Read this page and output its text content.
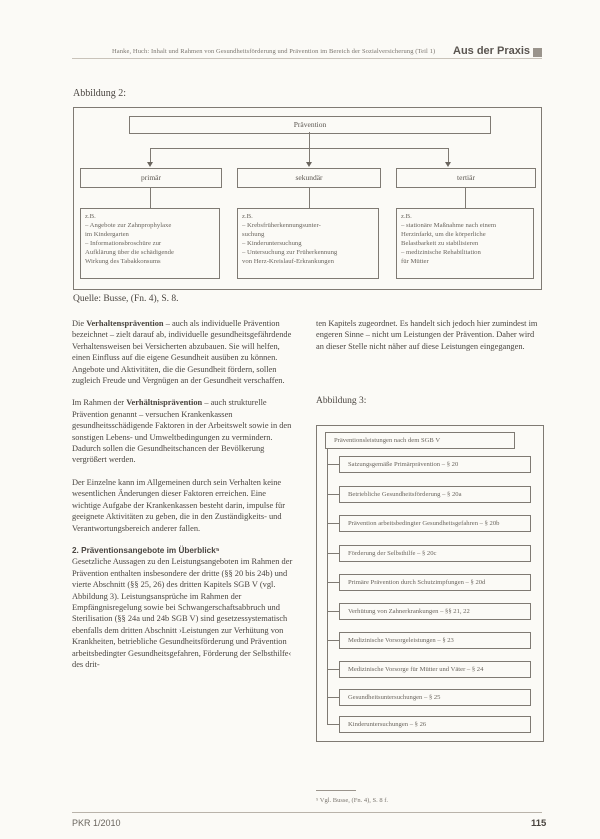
Hanke, Huch: Inhalt und Rahmen von Gesundheitsförderung und Prävention im Bereich der Sozialversicherung (Teil 1) Aus der Praxis
Abbildung 2:
Prävention
primär	sekundär	tertiär
z.B.
– Angebote zur Zahnprophylaxe
im Kindergarten
– Informationsbroschüre zur
Aufklärung über die schädigende
Wirkung des Tabakkonsums
z.B.
– Krebsfrüherkennungsunter-
suchung
– Kinderuntersuchung
– Untersuchung zur Früherkennung
von Herz-Kreislauf-Erkrankungen
z.B.
– stationäre Maßnahme nach einem
Herzinfarkt, um die körperliche
Belastbarkeit zu stabilisieren
– medizinische Rehabilitation
für Mütter
Quelle: Busse, (Fn. 4), S. 8.

Die Verhaltensprävention – auch als individuelle Prävention bezeichnet – zielt darauf ab, individuelle gesundheitsgefährdende Verhaltensweisen bei Versicherten abzubauen. Sie will helfen, einen Einfluss auf die eigene Gesundheit ausüben zu können. Angebote und Aktivitäten, die die Gesundheit fördern, sollen zugleich Freude und Vergnügen an der Gesundheit verschaffen.

Im Rahmen der Verhältnisprävention – auch strukturelle Prävention genannt – versuchen Krankenkassen gesundheitsschädigende Faktoren in der Arbeitswelt sowie in den sonstigen Lebens- und Umweltbedingungen zu vermindern. Dadurch sollen die Gesundheitschancen der Bevölkerung vergrößert werden.

Der Einzelne kann im Allgemeinen durch sein Verhalten keine wesentlichen Änderungen dieser Faktoren erreichen. Eine wichtige Aufgabe der Krankenkassen besteht darin, impulse für geeignete Aktivitäten zu geben, die in den Zuständigkeits- und Verantwortungsbereich anderer fallen.

2. Präventionsangebote im Überblick⁵

Gesetzliche Aussagen zu den Leistungsangeboten im Rahmen der Prävention enthalten insbesondere der dritte (§§ 20 bis 24b) und vierte Abschnitt (§§ 25, 26) des dritten Kapitels SGB V (vgl. Abbildung 3). Leistungsansprüche im Rahmen der Empfängnisregelung sowie bei Schwangerschaftsabbruch und Sterilisation (§§ 24a und 24b SGB V) sind gesetzessystematisch ebenfalls dem dritten Abschnitt ›Leistungen zur Verhütung von Krankheiten, betriebliche Gesundheitsförderung und Prävention arbeitsbedingter Gesundheitsgefahren, Förderung der Selbsthilfe‹ des drit-

ten Kapitels zugeordnet. Es handelt sich jedoch hier zumindest im engeren Sinne – nicht um Leistungen der Prävention. Daher wird an dieser Stelle nicht näher auf diese Leistungen eingegangen.

Abbildung 3:
Präventionsleistungen nach dem SGB V
Satzungsgemäße Primärprävention – § 20
Betriebliche Gesundheitsförderung – § 20a
Prävention arbeitsbedingter Gesundheitsgefahren – § 20b
Förderung der Selbsthilfe – § 20c
Primäre Prävention durch Schutzimpfungen – § 20d
Verhütung von Zahnerkrankungen – §§ 21, 22
Medizinische Vorsorgeleistungen – § 23
Medizinische Vorsorge für Mütter und Väter – § 24
Gesundheitsuntersuchungen – § 25
Kinderuntersuchungen – § 26
⁵ Vgl. Busse, (Fn. 4), S. 8 f.
PKR 1/2010	115
